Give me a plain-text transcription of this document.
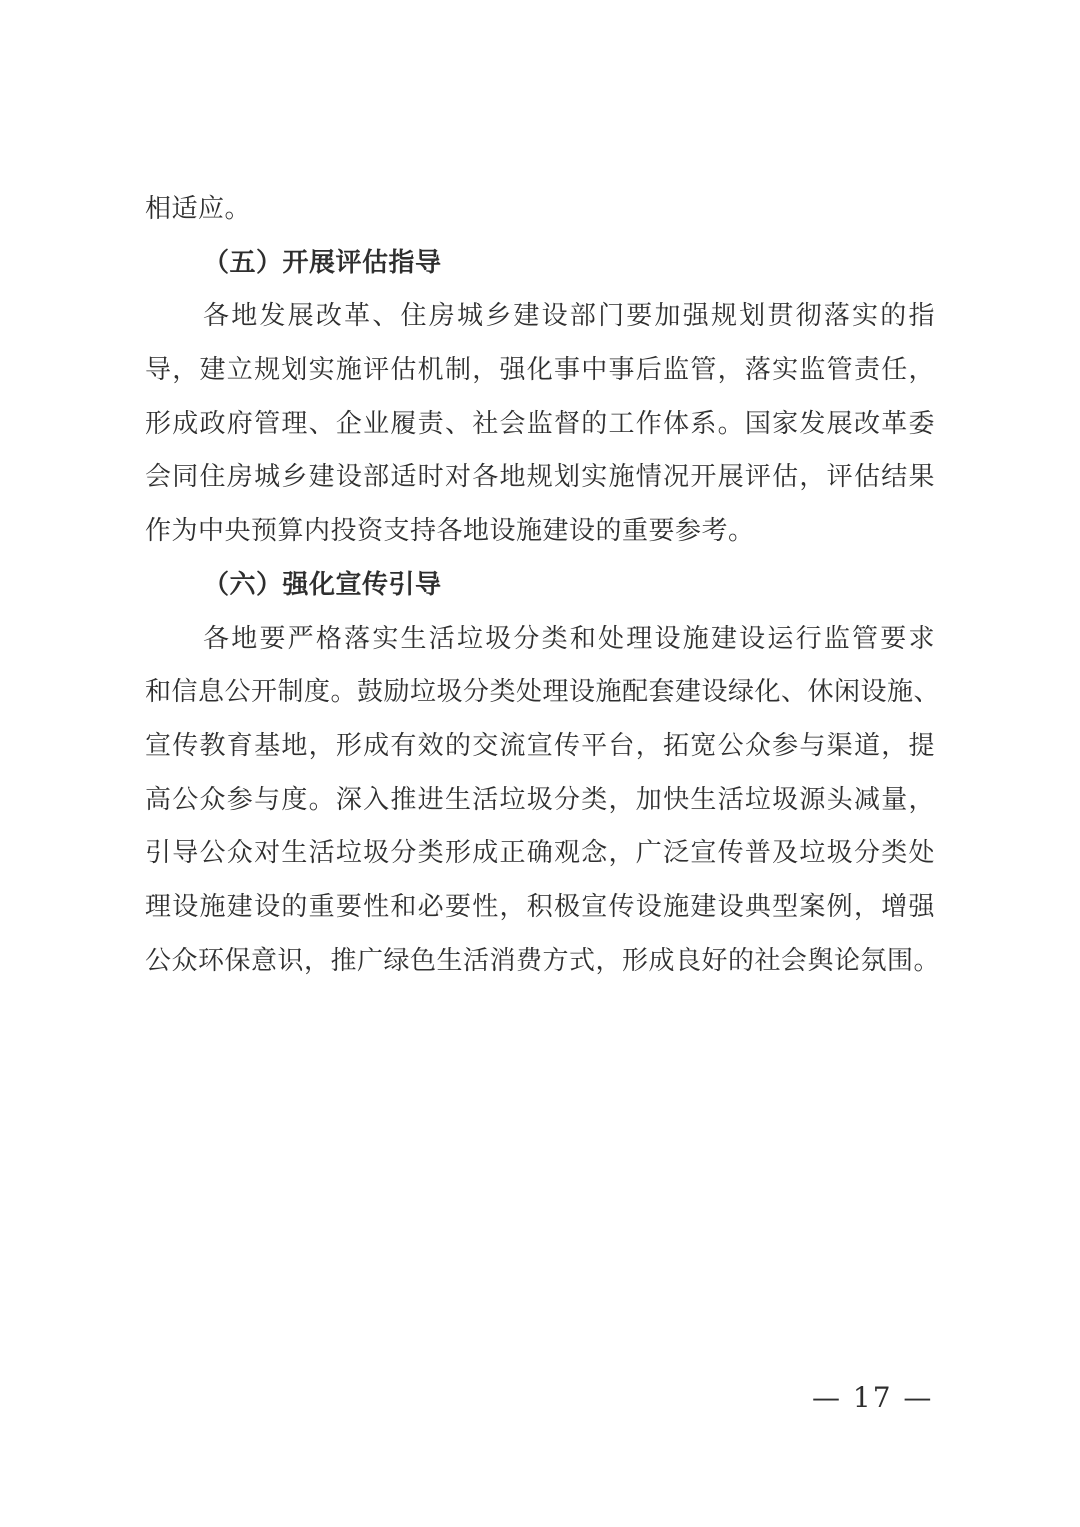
相适应。
（五）开展评估指导
各地发展改革、住房城乡建设部门要加强规划贯彻落实的指
导，建立规划实施评估机制，强化事中事后监管，落实监管责任，
形成政府管理、企业履责、社会监督的工作体系。国家发展改革委
会同住房城乡建设部适时对各地规划实施情况开展评估，评估结果
作为中央预算内投资支持各地设施建设的重要参考。
（六）强化宣传引导
各地要严格落实生活垃圾分类和处理设施建设运行监管要求
和信息公开制度。鼓励垃圾分类处理设施配套建设绿化、休闲设施、
宣传教育基地，形成有效的交流宣传平台，拓宽公众参与渠道，提
高公众参与度。深入推进生活垃圾分类，加快生活垃圾源头减量，
引导公众对生活垃圾分类形成正确观念，广泛宣传普及垃圾分类处
理设施建设的重要性和必要性，积极宣传设施建设典型案例，增强
公众环保意识，推广绿色生活消费方式，形成良好的社会舆论氛围。
— 17 —
